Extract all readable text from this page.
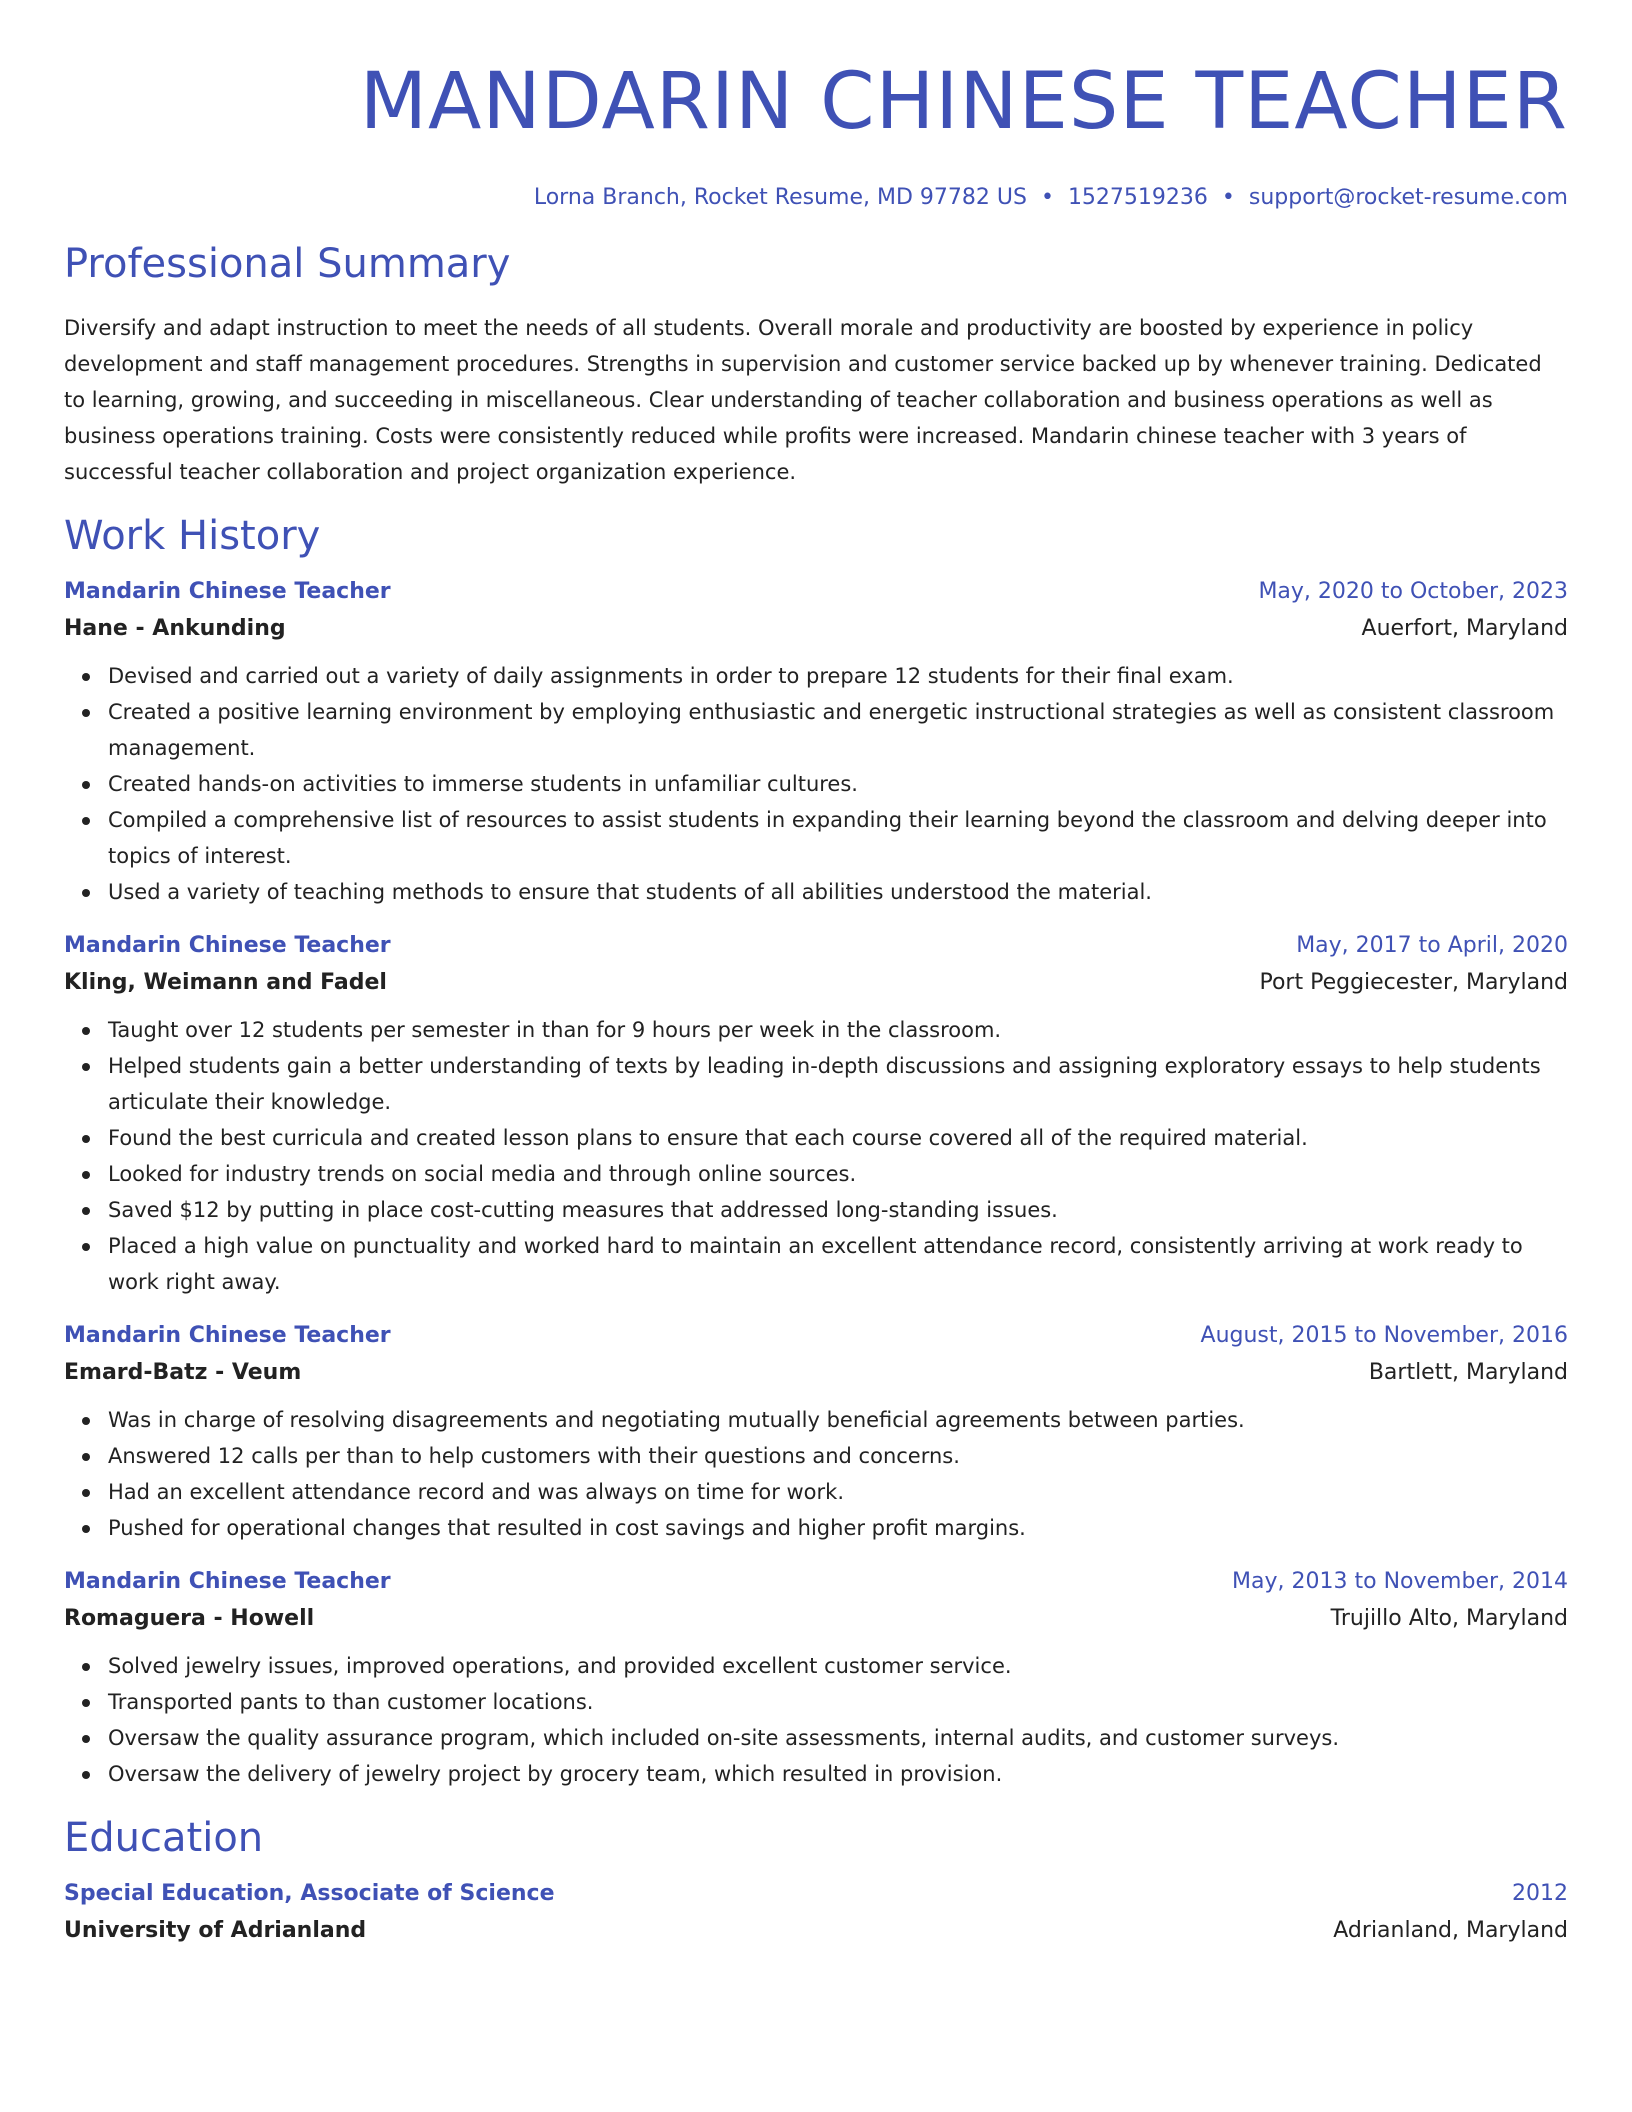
MANDARIN CHINESE TEACHER
Lorna Branch, Rocket Resume, MD 97782 US • 1527519236 • support@rocket-resume.com
Professional Summary
Diversify and adapt instruction to meet the needs of all students. Overall morale and productivity are boosted by experience in policy development and staff management procedures. Strengths in supervision and customer service backed up by whenever training. Dedicated to learning, growing, and succeeding in miscellaneous. Clear understanding of teacher collaboration and business operations as well as business operations training. Costs were consistently reduced while profits were increased. Mandarin chinese teacher with 3 years of successful teacher collaboration and project organization experience.
Work History
Mandarin Chinese Teacher	May, 2020 to October, 2023
Hane - Ankunding	Auerfort, Maryland
Devised and carried out a variety of daily assignments in order to prepare 12 students for their final exam.
Created a positive learning environment by employing enthusiastic and energetic instructional strategies as well as consistent classroom management.
Created hands-on activities to immerse students in unfamiliar cultures.
Compiled a comprehensive list of resources to assist students in expanding their learning beyond the classroom and delving deeper into topics of interest.
Used a variety of teaching methods to ensure that students of all abilities understood the material.
Mandarin Chinese Teacher	May, 2017 to April, 2020
Kling, Weimann and Fadel	Port Peggiecester, Maryland
Taught over 12 students per semester in than for 9 hours per week in the classroom.
Helped students gain a better understanding of texts by leading in-depth discussions and assigning exploratory essays to help students articulate their knowledge.
Found the best curricula and created lesson plans to ensure that each course covered all of the required material.
Looked for industry trends on social media and through online sources.
Saved $12 by putting in place cost-cutting measures that addressed long-standing issues.
Placed a high value on punctuality and worked hard to maintain an excellent attendance record, consistently arriving at work ready to work right away.
Mandarin Chinese Teacher	August, 2015 to November, 2016
Emard-Batz - Veum	Bartlett, Maryland
Was in charge of resolving disagreements and negotiating mutually beneficial agreements between parties.
Answered 12 calls per than to help customers with their questions and concerns.
Had an excellent attendance record and was always on time for work.
Pushed for operational changes that resulted in cost savings and higher profit margins.
Mandarin Chinese Teacher	May, 2013 to November, 2014
Romaguera - Howell	Trujillo Alto, Maryland
Solved jewelry issues, improved operations, and provided excellent customer service.
Transported pants to than customer locations.
Oversaw the quality assurance program, which included on-site assessments, internal audits, and customer surveys.
Oversaw the delivery of jewelry project by grocery team, which resulted in provision.
Education
Special Education, Associate of Science	2012
University of Adrianland	Adrianland, Maryland
